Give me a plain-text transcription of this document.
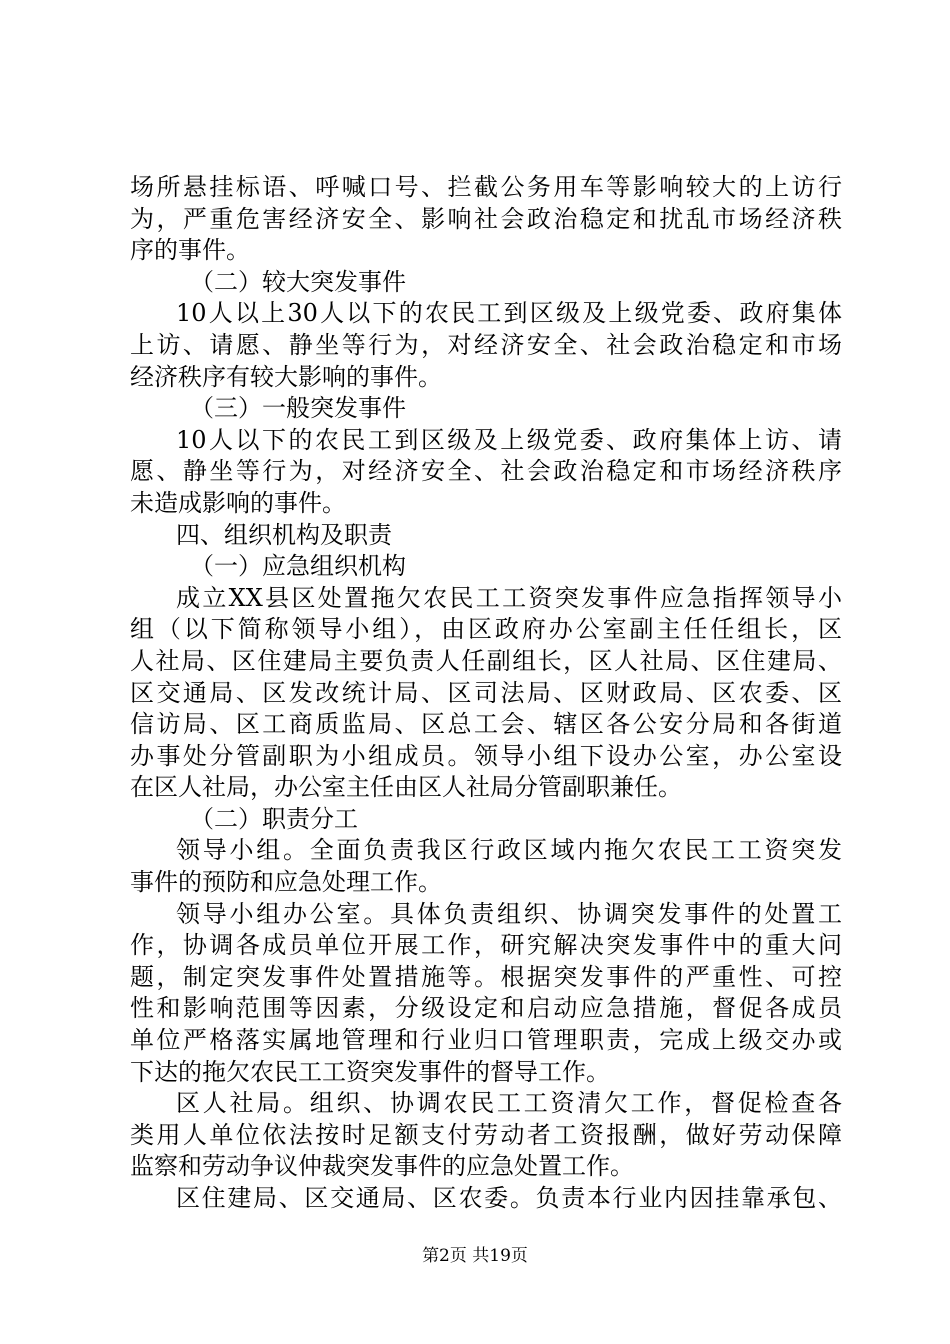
场所悬挂标语、呼喊口号、拦截公务用车等影响较大的上访行
为，严重危害经济安全、影响社会政治稳定和扰乱市场经济秩
序的事件。
（二）较大突发事件
10人以上30人以下的农民工到区级及上级党委、政府集体
上访、请愿、静坐等行为，对经济安全、社会政治稳定和市场
经济秩序有较大影响的事件。
（三）一般突发事件
10人以下的农民工到区级及上级党委、政府集体上访、请
愿、静坐等行为，对经济安全、社会政治稳定和市场经济秩序
未造成影响的事件。
四、组织机构及职责
（一）应急组织机构
成立XX县区处置拖欠农民工工资突发事件应急指挥领导小
组（以下简称领导小组），由区政府办公室副主任任组长，区
人社局、区住建局主要负责人任副组长，区人社局、区住建局、
区交通局、区发改统计局、区司法局、区财政局、区农委、区
信访局、区工商质监局、区总工会、辖区各公安分局和各街道
办事处分管副职为小组成员。领导小组下设办公室，办公室设
在区人社局，办公室主任由区人社局分管副职兼任。
（二）职责分工
领导小组。全面负责我区行政区域内拖欠农民工工资突发
事件的预防和应急处理工作。
领导小组办公室。具体负责组织、协调突发事件的处置工
作，协调各成员单位开展工作，研究解决突发事件中的重大问
题，制定突发事件处置措施等。根据突发事件的严重性、可控
性和影响范围等因素，分级设定和启动应急措施，督促各成员
单位严格落实属地管理和行业归口管理职责，完成上级交办或
下达的拖欠农民工工资突发事件的督导工作。
区人社局。组织、协调农民工工资清欠工作，督促检查各
类用人单位依法按时足额支付劳动者工资报酬，做好劳动保障
监察和劳动争议仲裁突发事件的应急处置工作。
区住建局、区交通局、区农委。负责本行业内因挂靠承包、
第2页 共19页
